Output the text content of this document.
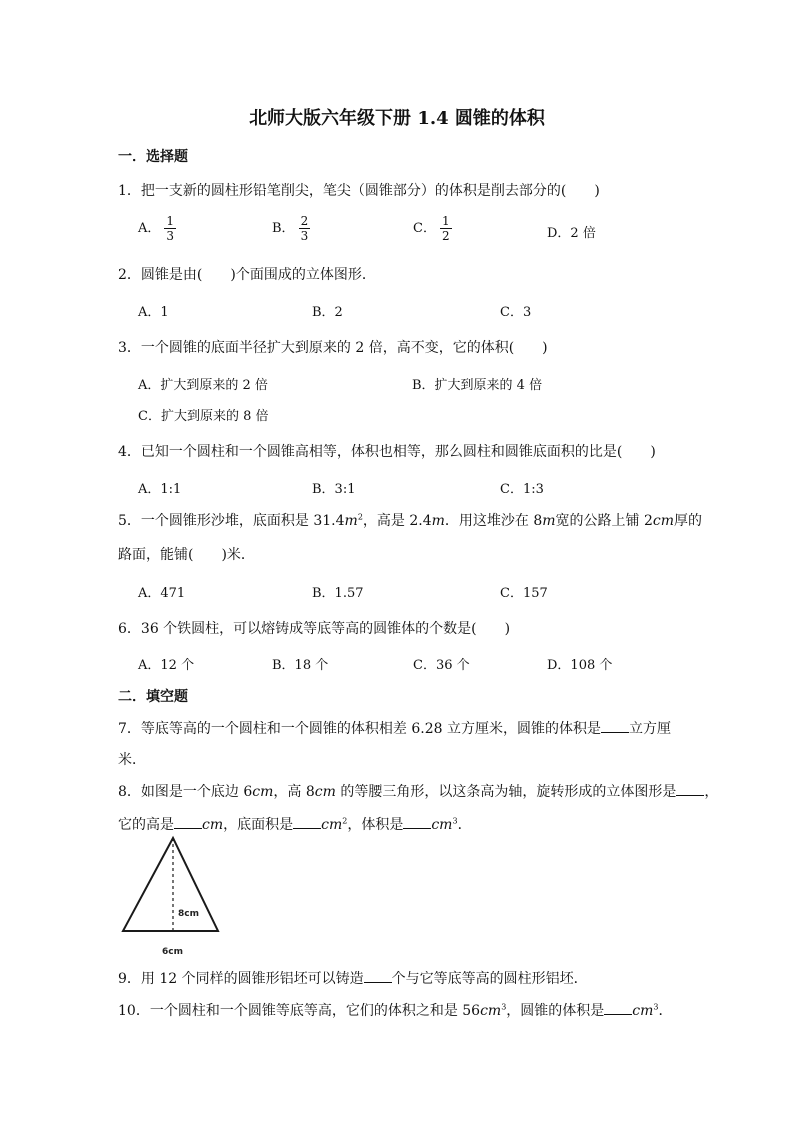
北师大版六年级下册 1.4 圆锥的体积
一．选择题
1．把一支新的圆柱形铅笔削尖，笔尖（圆锥部分）的体积是削去部分的(　　)
A． $\frac{1}{3}$	B． $\frac{2}{3}$	C． $\frac{1}{2}$	D．2 倍
2．圆锥是由(　　)个面围成的立体图形．
A．1	B．2	C．3
3．一个圆锥的底面半径扩大到原来的 2 倍，高不变，它的体积(　　)
A．扩大到原来的 2 倍	B．扩大到原来的 4 倍
C．扩大到原来的 8 倍
4．已知一个圆柱和一个圆锥高相等，体积也相等，那么圆柱和圆锥底面积的比是(　　)
A．1:1	B．3:1	C．1:3
5．一个圆锥形沙堆，底面积是 $31.4m^2$，高是 2.4m．用这堆沙在 8m宽的公路上铺 2cm厚的
路面，能铺(　　)米．
A．471	B．1.57	C．157
6．36 个铁圆柱，可以熔铸成等底等高的圆锥体的个数是(　　)
A．12 个	B．18 个	C．36 个	D．108 个
二．填空题
7．等底等高的一个圆柱和一个圆锥的体积相差 6.28 立方厘米，圆锥的体积是 立方厘
米．
8．如图是一个底边 6cm，高 8cm 的等腰三角形，以这条高为轴，旋转形成的立体图形是 ，
它的高是 cm，底面积是 $cm^2$，体积是 $cm^3$．
8cm
6cm
9．用 12 个同样的圆锥形铝坯可以铸造 个与它等底等高的圆柱形铝坯．
10．一个圆柱和一个圆锥等底等高，它们的体积之和是 $56cm^3$，圆锥的体积是 $cm^3$．
